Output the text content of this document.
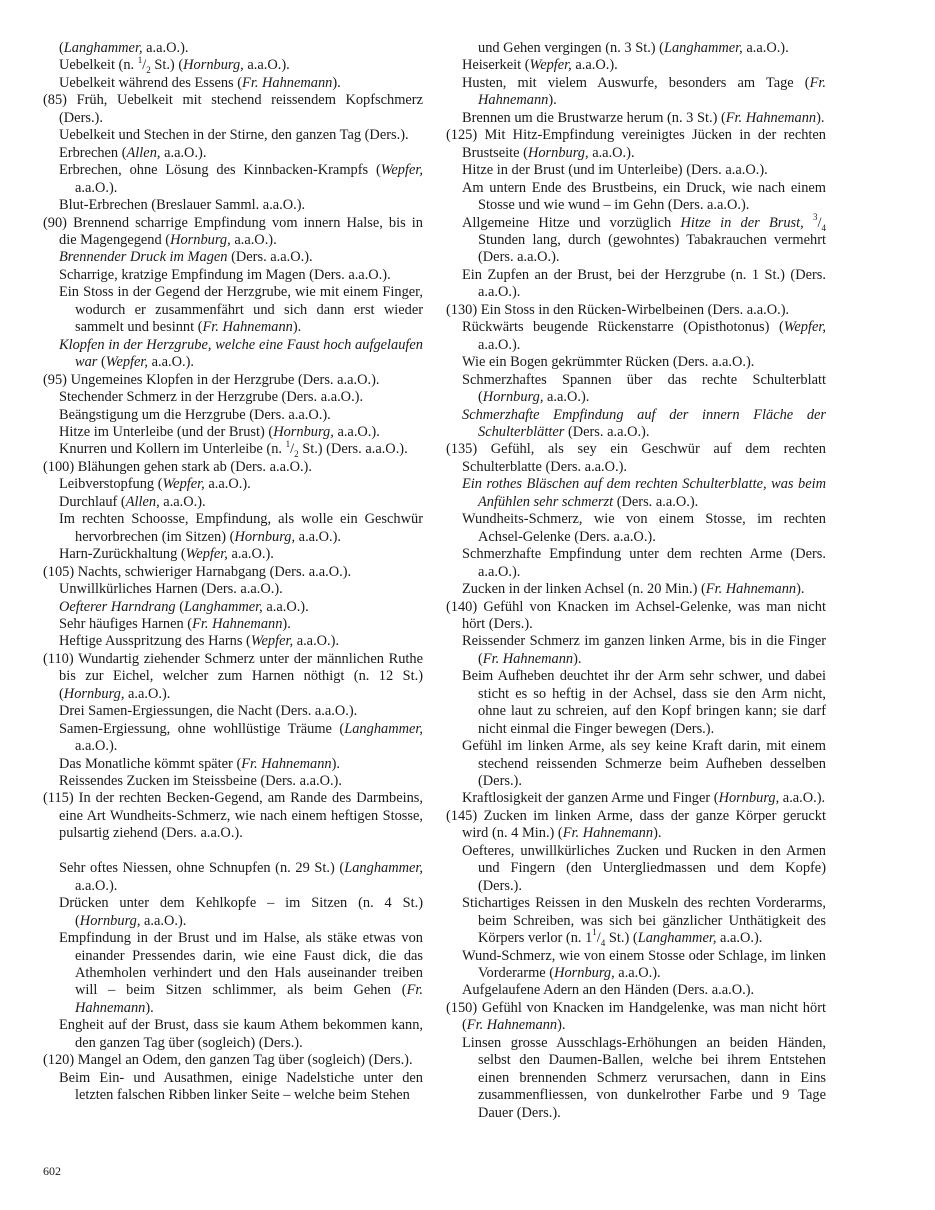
(Langhammer, a.a.O.).

Uebelkeit (n. $^1/_2$ St.) (Hornburg, a.a.O.).

Uebelkeit während des Essens (Fr. Hahnemann).

(85) Früh, Uebelkeit mit stechend reissendem Kopfschmerz (Ders.).

Uebelkeit und Stechen in der Stirne, den ganzen Tag (Ders.).

Erbrechen (Allen, a.a.O.).

Erbrechen, ohne Lösung des Kinnbacken-Krampfs (Wepfer, a.a.O.).

Blut-Erbrechen (Breslauer Samml. a.a.O.).

(90) Brennend scharrige Empfindung vom innern Halse, bis in die Magengegend (Hornburg, a.a.O.).

Brennender Druck im Magen (Ders. a.a.O.).

Scharrige, kratzige Empfindung im Magen (Ders. a.a.O.).

Ein Stoss in der Gegend der Herzgrube, wie mit einem Finger, wodurch er zusammenfährt und sich dann erst wieder sammelt und besinnt (Fr. Hahnemann).

Klopfen in der Herzgrube, welche eine Faust hoch aufgelaufen war (Wepfer, a.a.O.).

(95) Ungemeines Klopfen in der Herzgrube (Ders. a.a.O.).

Stechender Schmerz in der Herzgrube (Ders. a.a.O.).

Beängstigung um die Herzgrube (Ders. a.a.O.).

Hitze im Unterleibe (und der Brust) (Hornburg, a.a.O.).

Knurren und Kollern im Unterleibe (n. $^1/_2$ St.) (Ders. a.a.O.).

(100) Blähungen gehen stark ab (Ders. a.a.O.).

Leibverstopfung (Wepfer, a.a.O.).

Durchlauf (Allen, a.a.O.).

Im rechten Schoosse, Empfindung, als wolle ein Geschwür hervorbrechen (im Sitzen) (Hornburg, a.a.O.).

Harn-Zurückhaltung (Wepfer, a.a.O.).

(105) Nachts, schwieriger Harnabgang (Ders. a.a.O.).

Unwillkürliches Harnen (Ders. a.a.O.).

Oefterer Harndrang (Langhammer, a.a.O.).

Sehr häufiges Harnen (Fr. Hahnemann).

Heftige Ausspritzung des Harns (Wepfer, a.a.O.).

(110) Wundartig ziehender Schmerz unter der männlichen Ruthe bis zur Eichel, welcher zum Harnen nöthigt (n. 12 St.) (Hornburg, a.a.O.).

Drei Samen-Ergiessungen, die Nacht (Ders. a.a.O.).

Samen-Ergiessung, ohne wohllüstige Träume (Langhammer, a.a.O.).

Das Monatliche kömmt später (Fr. Hahnemann).

Reissendes Zucken im Steissbeine (Ders. a.a.O.).

(115) In der rechten Becken-Gegend, am Rande des Darmbeins, eine Art Wundheits-Schmerz, wie nach einem heftigen Stosse, pulsartig ziehend (Ders. a.a.O.).

Sehr oftes Niessen, ohne Schnupfen (n. 29 St.) (Langhammer, a.a.O.).

Drücken unter dem Kehlkopfe – im Sitzen (n. 4 St.) (Hornburg, a.a.O.).

Empfindung in der Brust und im Halse, als stäke etwas von einander Pressendes darin, wie eine Faust dick, die das Athemholen verhindert und den Hals auseinander treiben will – beim Sitzen schlimmer, als beim Gehen (Fr. Hahnemann).

Engheit auf der Brust, dass sie kaum Athem bekommen kann, den ganzen Tag über (sogleich) (Ders.).

(120) Mangel an Odem, den ganzen Tag über (sogleich) (Ders.).

Beim Ein- und Ausathmen, einige Nadelstiche unter den letzten falschen Ribben linker Seite – welche beim Stehen

und Gehen vergingen (n. 3 St.) (Langhammer, a.a.O.).

Heiserkeit (Wepfer, a.a.O.).

Husten, mit vielem Auswurfe, besonders am Tage (Fr. Hahnemann).

Brennen um die Brustwarze herum (n. 3 St.) (Fr. Hahnemann).

(125) Mit Hitz-Empfindung vereinigtes Jücken in der rechten Brustseite (Hornburg, a.a.O.).

Hitze in der Brust (und im Unterleibe) (Ders. a.a.O.).

Am untern Ende des Brustbeins, ein Druck, wie nach einem Stosse und wie wund – im Gehn (Ders. a.a.O.).

Allgemeine Hitze und vorzüglich Hitze in der Brust, $^3/_4$ Stunden lang, durch (gewohntes) Tabakrauchen vermehrt (Ders. a.a.O.).

Ein Zupfen an der Brust, bei der Herzgrube (n. 1 St.) (Ders. a.a.O.).

(130) Ein Stoss in den Rücken-Wirbelbeinen (Ders. a.a.O.).

Rückwärts beugende Rückenstarre (Opisthotonus) (Wepfer, a.a.O.).

Wie ein Bogen gekrümmter Rücken (Ders. a.a.O.).

Schmerzhaftes Spannen über das rechte Schulterblatt (Hornburg, a.a.O.).

Schmerzhafte Empfindung auf der innern Fläche der Schulterblätter (Ders. a.a.O.).

(135) Gefühl, als sey ein Geschwür auf dem rechten Schulterblatte (Ders. a.a.O.).

Ein rothes Bläschen auf dem rechten Schulterblatte, was beim Anfühlen sehr schmerzt (Ders. a.a.O.).

Wundheits-Schmerz, wie von einem Stosse, im rechten Achsel-Gelenke (Ders. a.a.O.).

Schmerzhafte Empfindung unter dem rechten Arme (Ders. a.a.O.).

Zucken in der linken Achsel (n. 20 Min.) (Fr. Hahnemann).

(140) Gefühl von Knacken im Achsel-Gelenke, was man nicht hört (Ders.).

Reissender Schmerz im ganzen linken Arme, bis in die Finger (Fr. Hahnemann).

Beim Aufheben deuchtet ihr der Arm sehr schwer, und dabei sticht es so heftig in der Achsel, dass sie den Arm nicht, ohne laut zu schreien, auf den Kopf bringen kann; sie darf nicht einmal die Finger bewegen (Ders.).

Gefühl im linken Arme, als sey keine Kraft darin, mit einem stechend reissenden Schmerze beim Aufheben desselben (Ders.).

Kraftlosigkeit der ganzen Arme und Finger (Hornburg, a.a.O.).

(145) Zucken im linken Arme, dass der ganze Körper geruckt wird (n. 4 Min.) (Fr. Hahnemann).

Oefteres, unwillkürliches Zucken und Rucken in den Armen und Fingern (den Untergliedmassen und dem Kopfe) (Ders.).

Stichartiges Reissen in den Muskeln des rechten Vorderarms, beim Schreiben, was sich bei gänzlicher Unthätigkeit des Körpers verlor (n. $1^1/_4$ St.) (Langhammer, a.a.O.).

Wund-Schmerz, wie von einem Stosse oder Schlage, im linken Vorderarme (Hornburg, a.a.O.).

Aufgelaufene Adern an den Händen (Ders. a.a.O.).

(150) Gefühl von Knacken im Handgelenke, was man nicht hört (Fr. Hahnemann).

Linsen grosse Ausschlags-Erhöhungen an beiden Händen, selbst den Daumen-Ballen, welche bei ihrem Entstehen einen brennenden Schmerz verursachen, dann in Eins zusammenfliessen, von dunkelrother Farbe und 9 Tage Dauer (Ders.).

602
